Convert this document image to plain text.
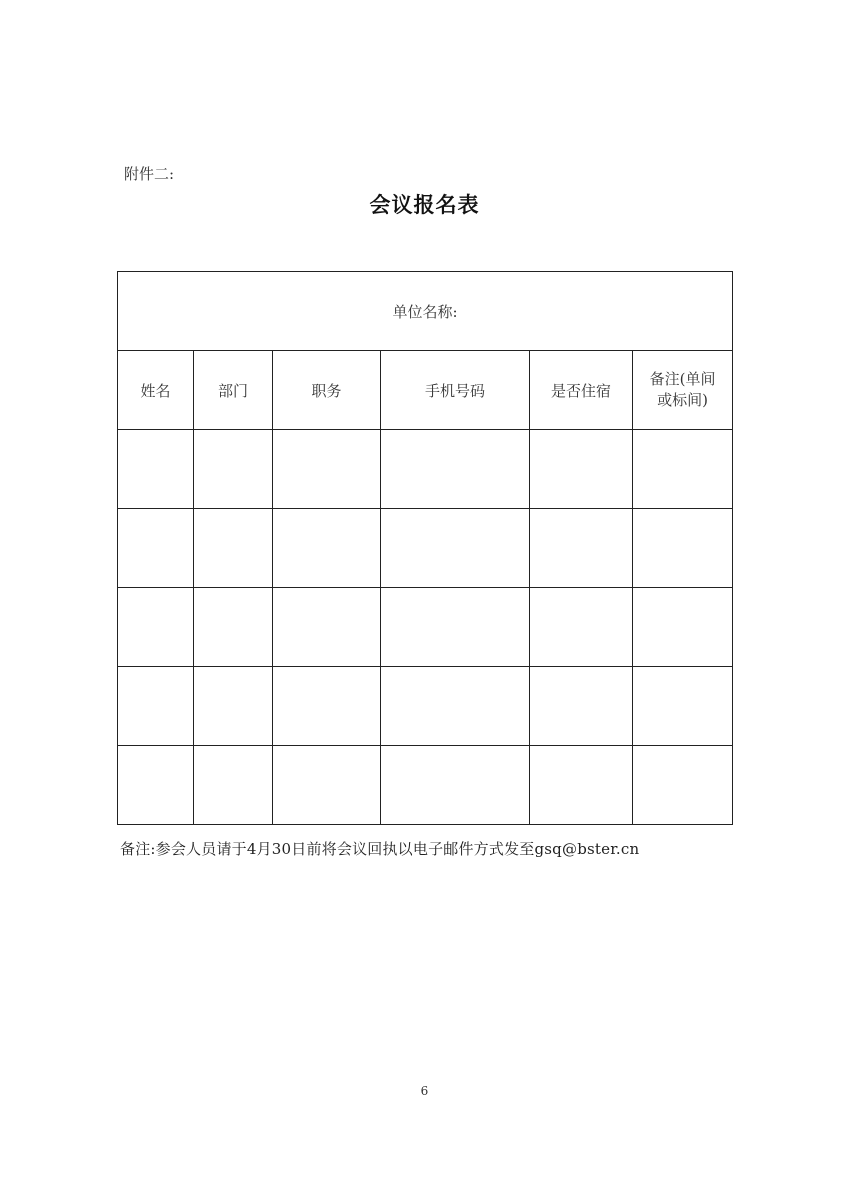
附件二:
会议报名表
单位名称:					
姓名	部门	职务	手机号码	是否住宿	备注(单间
或标间)

备注:参会人员请于4月30日前将会议回执以电子邮件方式发至gsq@bster.cn
6
